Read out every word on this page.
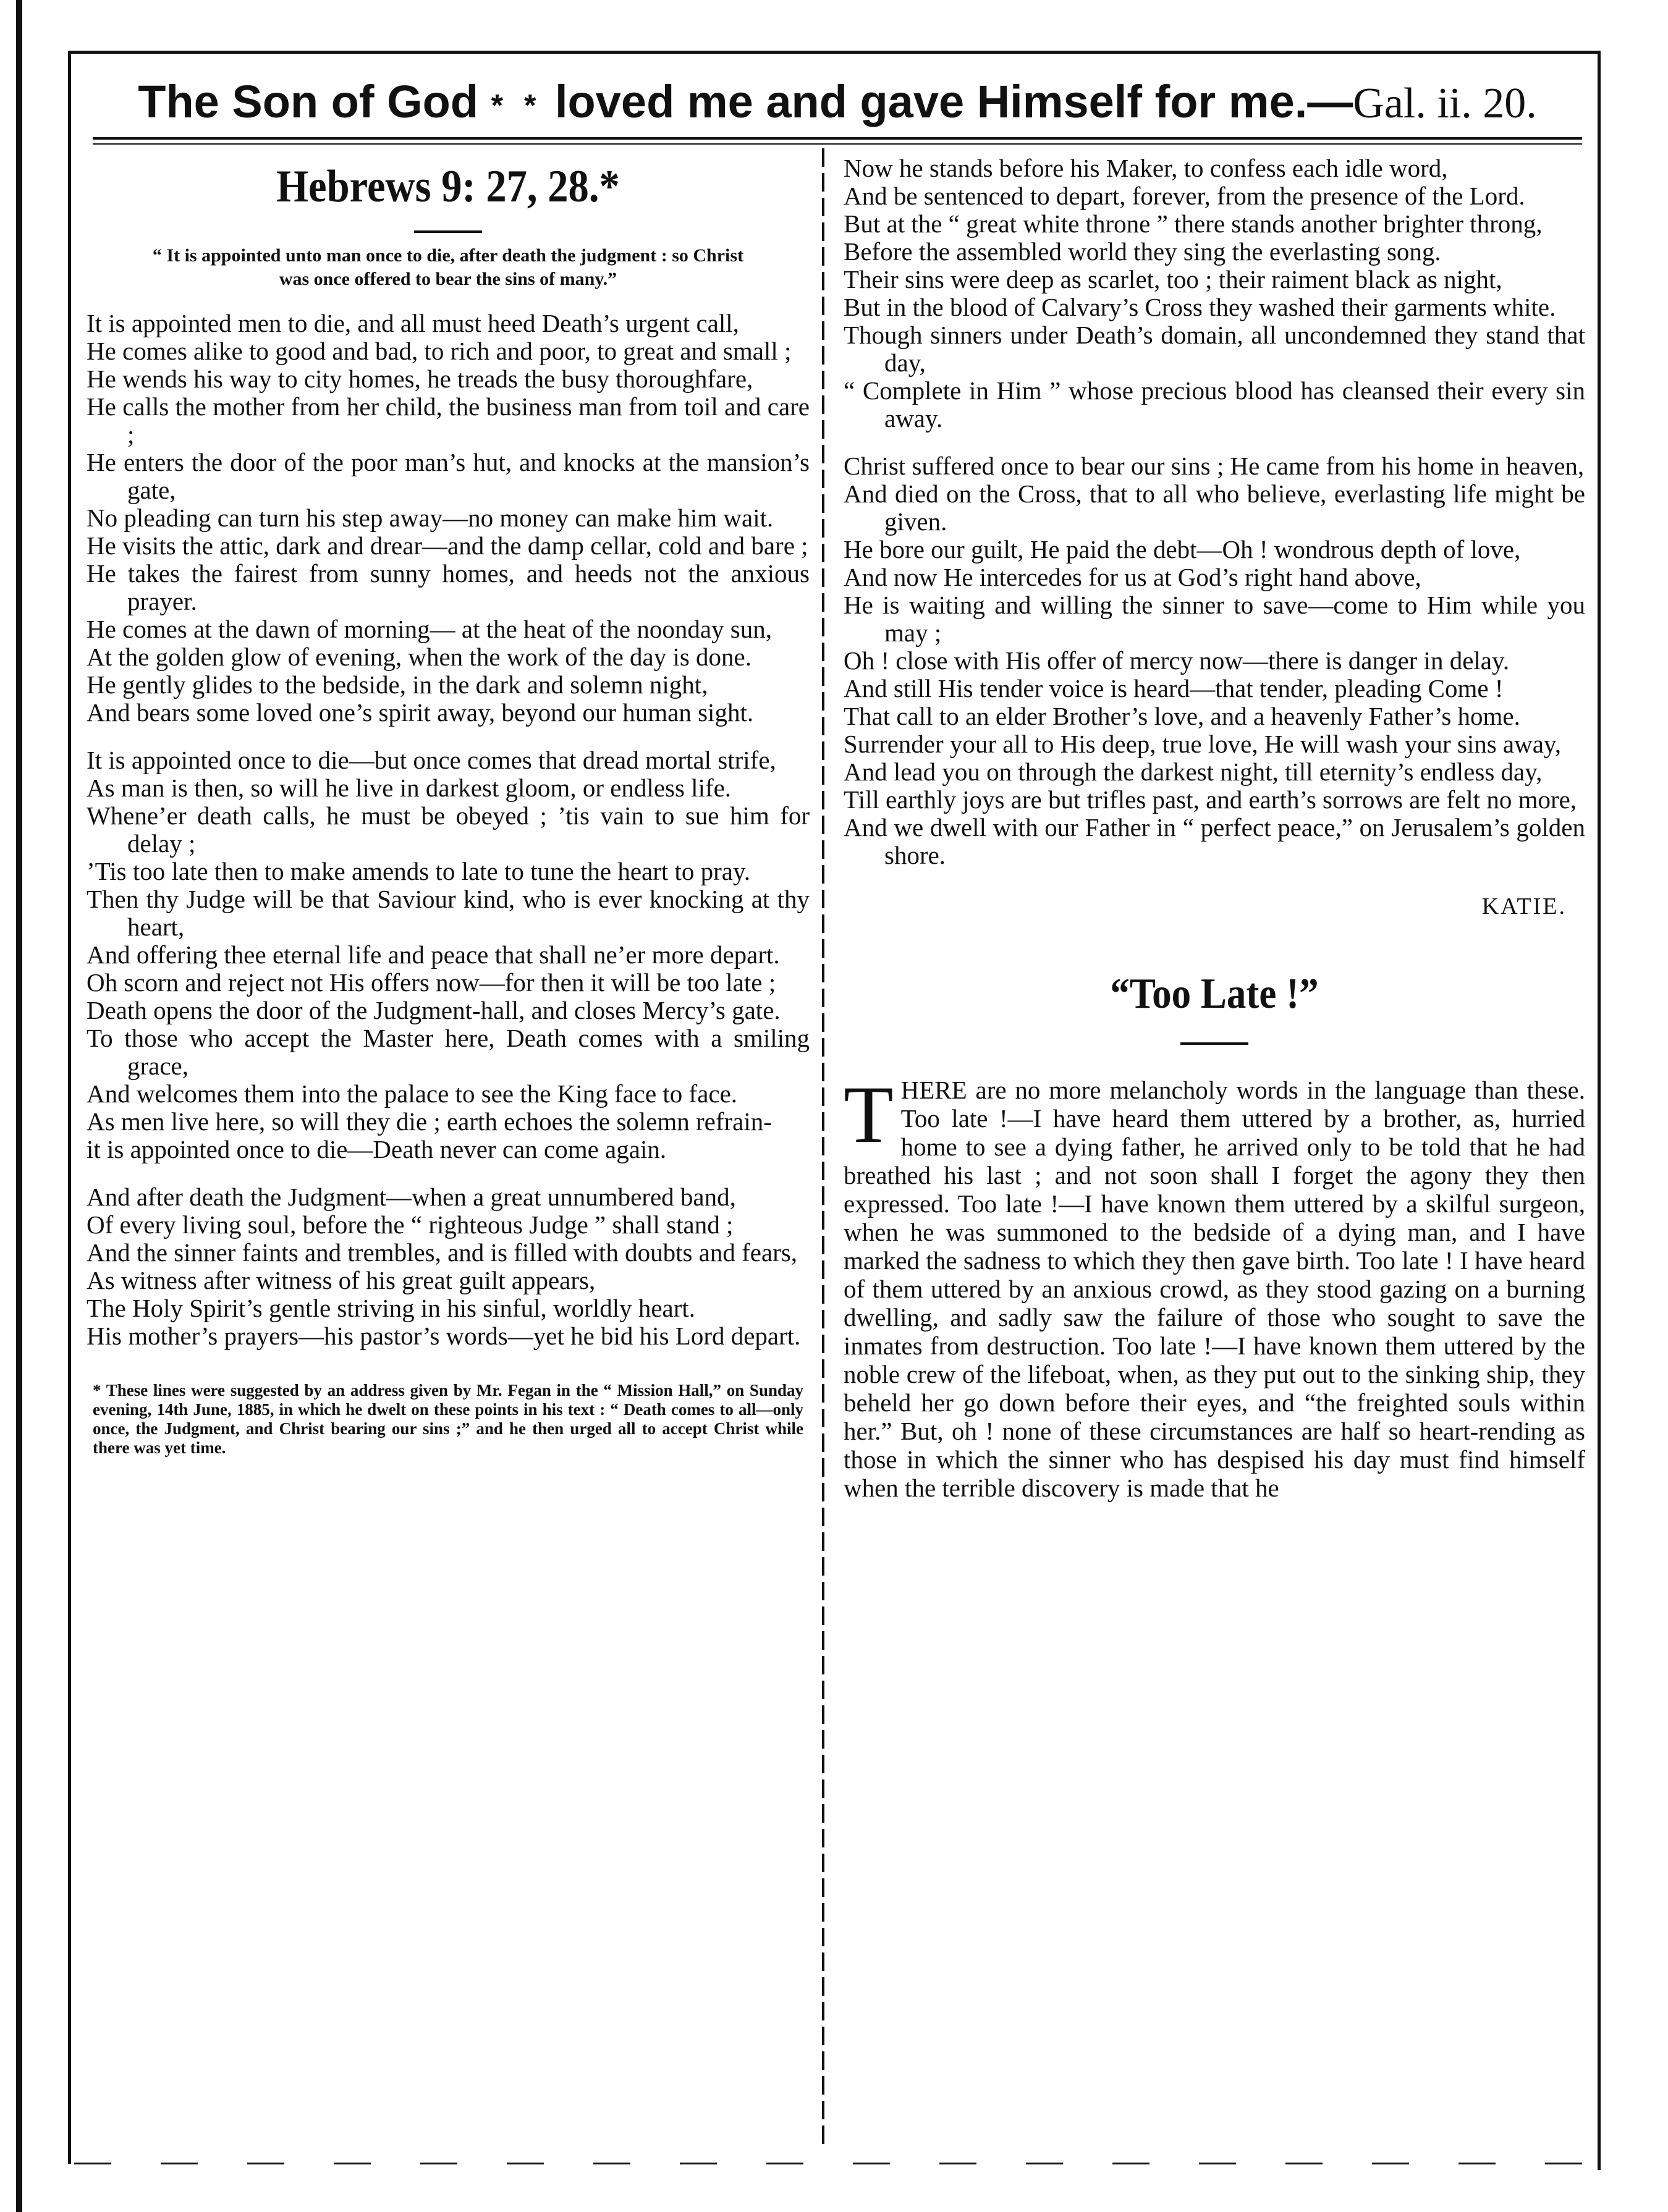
The Son of God * * loved me and gave Himself for me.—Gal. ii. 20.
Hebrews 9: 27, 28.*
“ It is appointed unto man once to die, after death the judgment : so Christ was once offered to bear the sins of many.”

It is appointed men to die, and all must heed Death’s urgent call,

He comes alike to good and bad, to rich and poor, to great and small ;

He wends his way to city homes, he treads the busy thoroughfare,

He calls the mother from her child, the business man from toil and care ;

He enters the door of the poor man’s hut, and knocks at the mansion’s gate,

No pleading can turn his step away—no money can make him wait.

He visits the attic, dark and drear—and the damp cellar, cold and bare ;

He takes the fairest from sunny homes, and heeds not the anxious prayer.

He comes at the dawn of morning— at the heat of the noonday sun,

At the golden glow of evening, when the work of the day is done.

He gently glides to the bedside, in the dark and solemn night,

And bears some loved one’s spirit away, beyond our human sight.

It is appointed once to die—but once comes that dread mortal strife,

As man is then, so will he live in darkest gloom, or endless life.

Whene’er death calls, he must be obeyed ; ’tis vain to sue him for delay ;

’Tis too late then to make amends to late to tune the heart to pray.

Then thy Judge will be that Saviour kind, who is ever knocking at thy heart,

And offering thee eternal life and peace that shall ne’er more depart.

Oh scorn and reject not His offers now—for then it will be too late ;

Death opens the door of the Judgment-hall, and closes Mercy’s gate.

To those who accept the Master here, Death comes with a smiling grace,

And welcomes them into the palace to see the King face to face.

As men live here, so will they die ; earth echoes the solemn refrain-

it is appointed once to die—Death never can come again.

And after death the Judgment—when a great unnumbered band,

Of every living soul, before the “ righteous Judge ” shall stand ;

And the sinner faints and trembles, and is filled with doubts and fears,

As witness after witness of his great guilt appears,

The Holy Spirit’s gentle striving in his sinful, worldly heart.

His mother’s prayers—his pastor’s words—yet he bid his Lord depart.

* These lines were suggested by an address given by Mr. Fegan in the “ Mission Hall,” on Sunday evening, 14th June, 1885, in which he dwelt on these points in his text : “ Death comes to all—only once, the Judgment, and Christ bearing our sins ;” and he then urged all to accept Christ while there was yet time.

Now he stands before his Maker, to confess each idle word,

And be sentenced to depart, forever, from the presence of the Lord.

But at the “ great white throne ” there stands another brighter throng,

Before the assembled world they sing the everlasting song.

Their sins were deep as scarlet, too ; their raiment black as night,

But in the blood of Calvary’s Cross they washed their garments white.

Though sinners under Death’s domain, all uncondemned they stand that day,

“ Complete in Him ” whose precious blood has cleansed their every sin away.

Christ suffered once to bear our sins ; He came from his home in heaven,

And died on the Cross, that to all who believe, everlasting life might be given.

He bore our guilt, He paid the debt—Oh ! wondrous depth of love,

And now He intercedes for us at God’s right hand above,

He is waiting and willing the sinner to save—come to Him while you may ;

Oh ! close with His offer of mercy now—there is danger in delay.

And still His tender voice is heard—that tender, pleading Come !

That call to an elder Brother’s love, and a heavenly Father’s home.

Surrender your all to His deep, true love, He will wash your sins away,

And lead you on through the darkest night, till eternity’s endless day,

Till earthly joys are but trifles past, and earth’s sorrows are felt no more,

And we dwell with our Father in “ perfect peace,” on Jerusalem’s golden shore.

KATIE.
“Too Late !”
THERE are no more melancholy words in the language than these. Too late !—I have heard them uttered by a brother, as, hurried home to see a dying father, he arrived only to be told that he had breathed his last ; and not soon shall I forget the agony they then expressed. Too late !—I have known them uttered by a skilful surgeon, when he was summoned to the bedside of a dying man, and I have marked the sadness to which they then gave birth. Too late ! I have heard of them uttered by an anxious crowd, as they stood gazing on a burning dwelling, and sadly saw the failure of those who sought to save the inmates from destruction. Too late !—I have known them uttered by the noble crew of the lifeboat, when, as they put out to the sinking ship, they beheld her go down before their eyes, and “the freighted souls within her.” But, oh ! none of these circumstances are half so heart-rending as those in which the sinner who has despised his day must find himself when the terrible discovery is made that he
